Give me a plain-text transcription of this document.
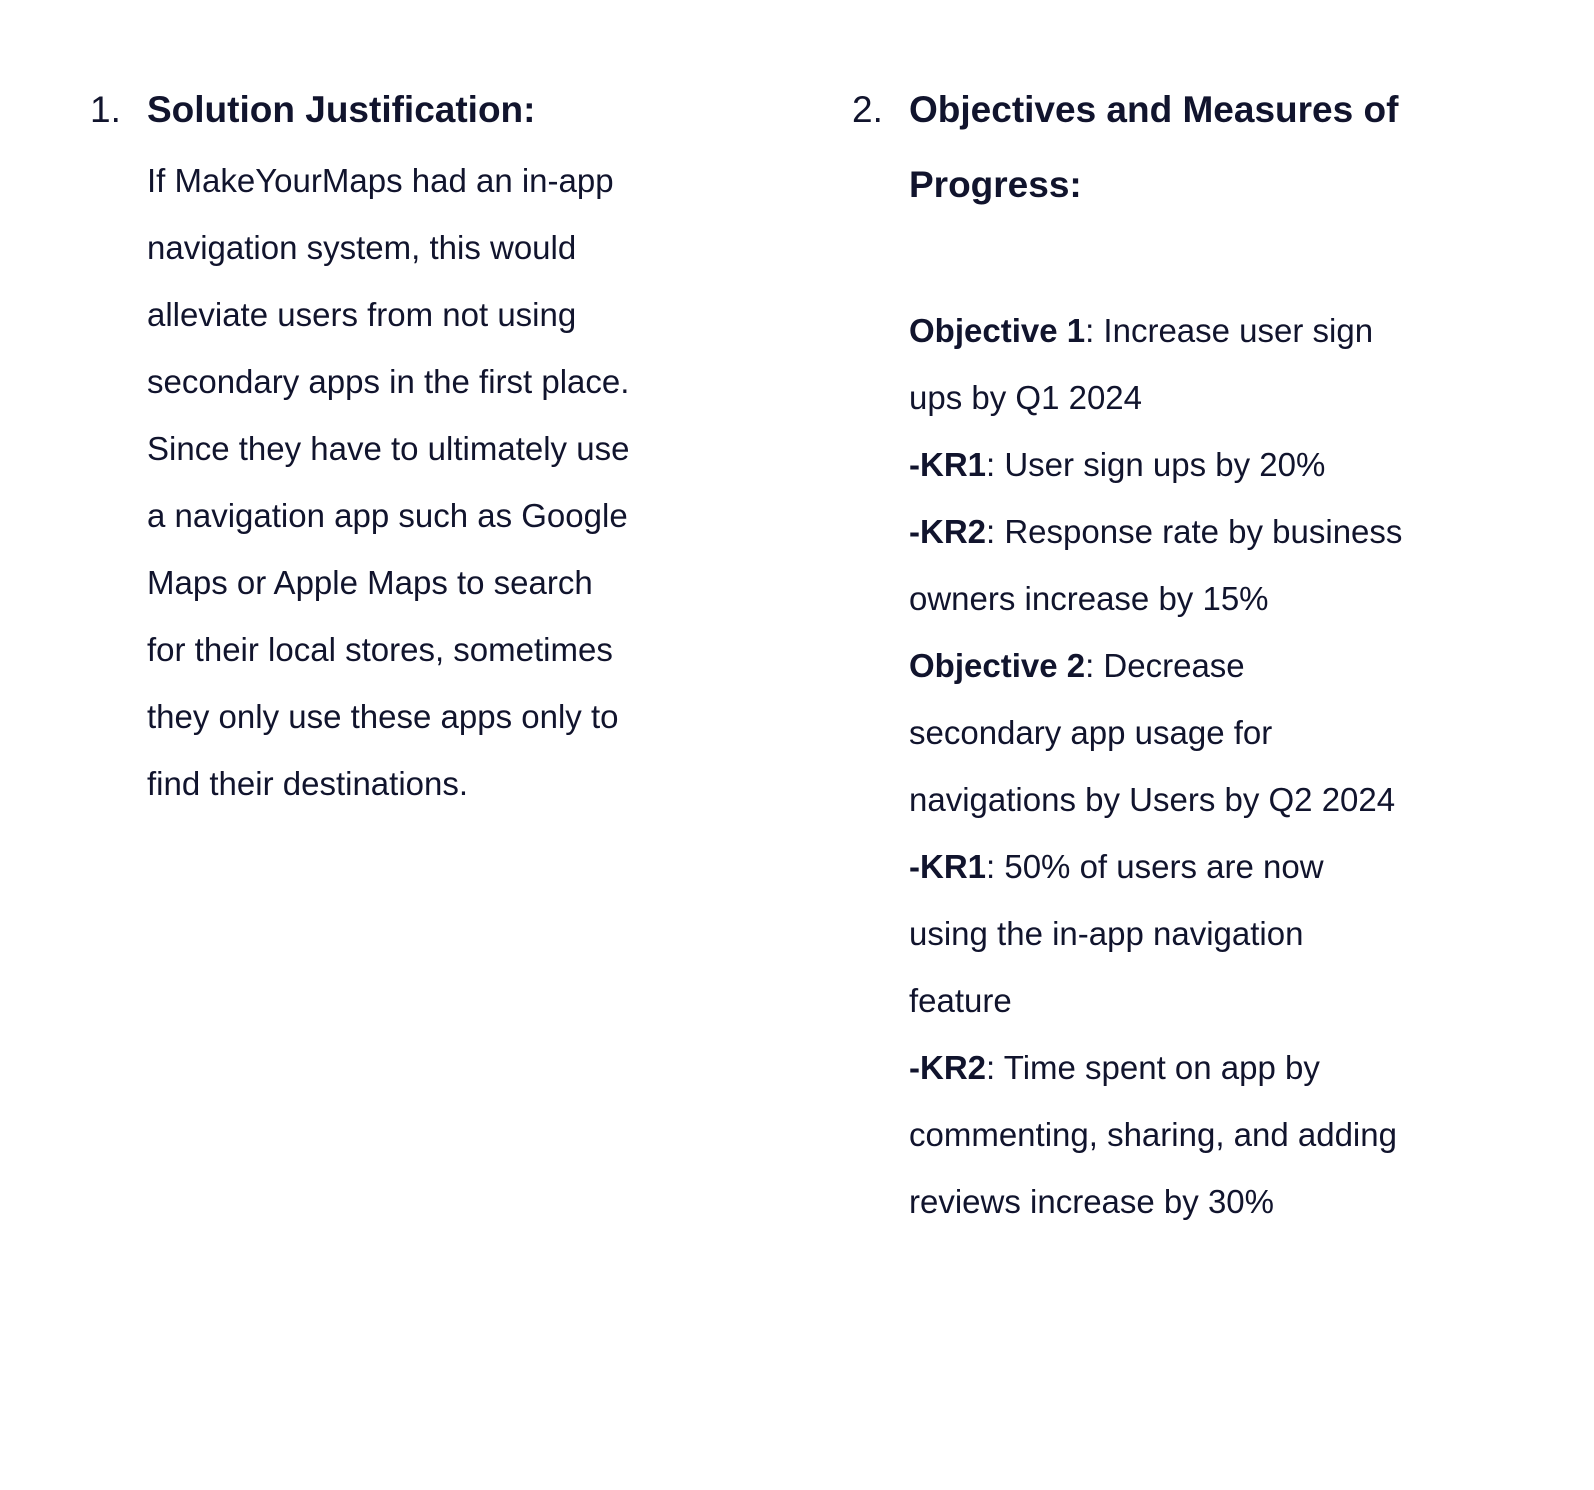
1. Solution Justification:
If MakeYourMaps had an in-app
navigation system, this would
alleviate users from not using
secondary apps in the first place.
Since they have to ultimately use
a navigation app such as Google
Maps or Apple Maps to search
for their local stores, sometimes
they only use these apps only to
find their destinations.
2. Objectives and Measures of
Progress:
Objective 1: Increase user sign
ups by Q1 2024
-KR1: User sign ups by 20%
-KR2: Response rate by business
owners increase by 15%
Objective 2: Decrease
secondary app usage for
navigations by Users by Q2 2024
-KR1: 50% of users are now
using the in-app navigation
feature
-KR2: Time spent on app by
commenting, sharing, and adding
reviews increase by 30%
